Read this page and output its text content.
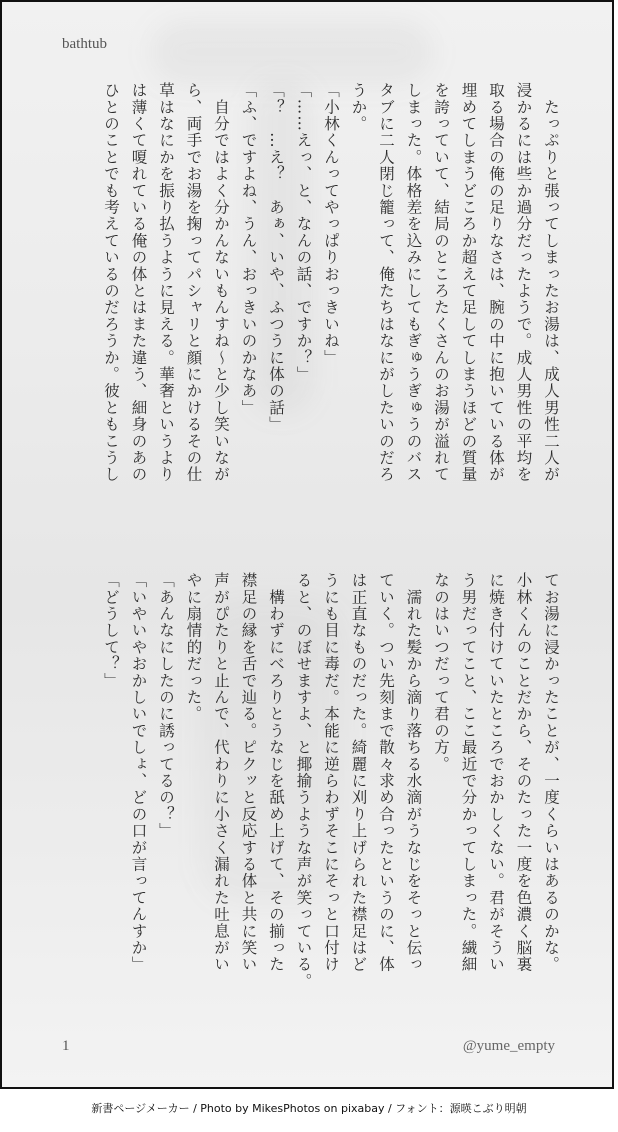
bathtub

　たっぷりと張ってしまったお湯は、成人男性二人が

浸かるには些か過分だったようで。成人男性の平均を

取る場合の俺の足りなさは、腕の中に抱いている体が

埋めてしまうどころか超えて足してしまうほどの質量

を誇っていて、結局のところたくさんのお湯が溢れて

しまった。体格差を込みにしてもぎゅうぎゅうのバス

タブに二人閉じ籠って、俺たちはなにがしたいのだろ

うか。

「小林くんってやっぱりおっきいね」

「……えっ、と、なんの話、ですか？」

「？　…え？　あぁ、いや、ふつうに体の話」

「ふ、ですよね、うん、おっきいのかなあ」

　自分ではよく分かんないもんすね〜と少し笑いなが

ら、両手でお湯を掬ってパシャリと顔にかけるその仕

草はなにかを振り払うように見える。華奢というより

は薄くて嗄れている俺の体とはまた違う、細身のあの

ひとのことでも考えているのだろうか。彼ともこうし

てお湯に浸かったことが、一度くらいはあるのかな。

小林くんのことだから、そのたった一度を色濃く脳裏

に焼き付けていたところでおかしくない。君がそうい

う男だってこと、ここ最近で分かってしまった。繊細

なのはいつだって君の方。

　濡れた髪から滴り落ちる水滴がうなじをそっと伝っ

ていく。つい先刻まで散々求め合ったというのに、体

は正直なものだった。綺麗に刈り上げられた襟足はど

うにも目に毒だ。本能に逆らわずそこにそっと口付け

ると、のぼせますよ、と揶揄うような声が笑っている。

　構わずにべろりとうなじを舐め上げて、その揃った

襟足の縁を舌で辿る。ピクッと反応する体と共に笑い

声がぴたりと止んで、代わりに小さく漏れた吐息がい

やに扇情的だった。

「あんなにしたのに誘ってるの？」

「いやいやおかしいでしょ、どの口が言ってんすか」

「どうして？」

1	@yume_empty
新書ページメーカー / Photo by MikesPhotos on pixabay / フォント：源暎こぶり明朝
